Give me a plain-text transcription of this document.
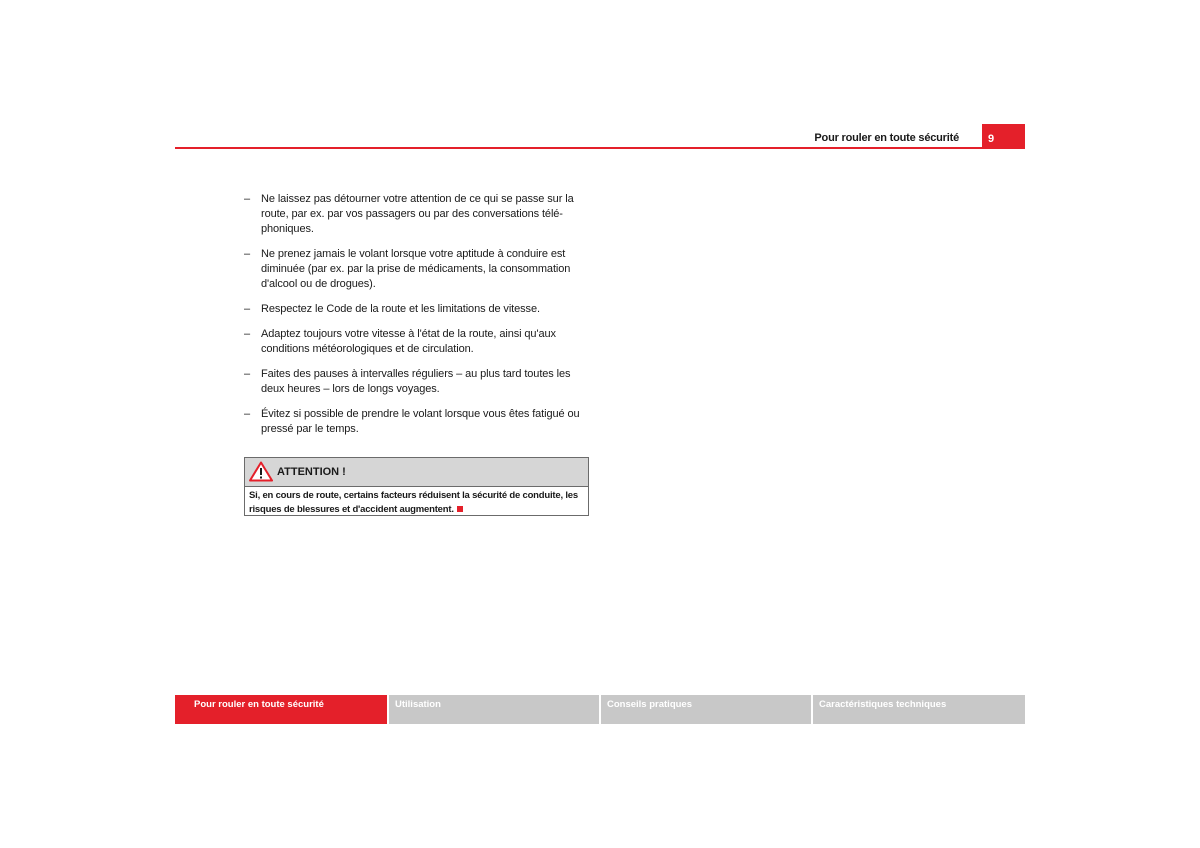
Pour rouler en toute sécurité	9
– Ne laissez pas détourner votre attention de ce qui se passe sur la route, par ex. par vos passagers ou par des conversations télé-phoniques.
– Ne prenez jamais le volant lorsque votre aptitude à conduire est diminuée (par ex. par la prise de médicaments, la consommation d'alcool ou de drogues).
– Respectez le Code de la route et les limitations de vitesse.
– Adaptez toujours votre vitesse à l'état de la route, ainsi qu'aux conditions météorologiques et de circulation.
– Faites des pauses à intervalles réguliers – au plus tard toutes les deux heures – lors de longs voyages.
– Évitez si possible de prendre le volant lorsque vous êtes fatigué ou pressé par le temps.
ATTENTION !
Si, en cours de route, certains facteurs réduisent la sécurité de conduite, les risques de blessures et d'accident augmentent.
Pour rouler en toute sécurité	Utilisation	Conseils pratiques	Caractéristiques techniques
